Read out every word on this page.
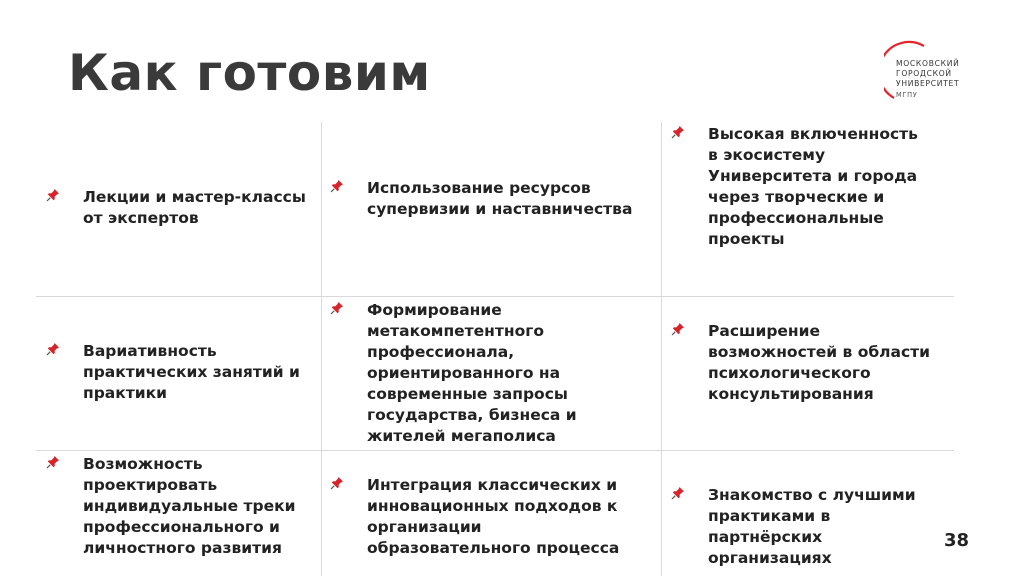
Как готовим	МОСКОВСКИЙ
ГОРОДСКОЙ
УНИВЕРСИТЕТ
МГПУ
Лекции и мастер-классы от экспертов
Использование ресурсов супервизии и наставничества
Высокая включенность в экосистему Университета и города через творческие и профессиональные проекты
Вариативность практических занятий и практики
Формирование метакомпетентного профессионала, ориентированного на современные запросы государства, бизнеса и жителей мегаполиса
Расширение возможностей в области психологического консультирования
Возможность проектировать индивидуальные треки профессионального и личностного развития
Интеграция классических и инновационных подходов к организации образовательного процесса
Знакомство с лучшими практиками в партнёрских организациях
38
